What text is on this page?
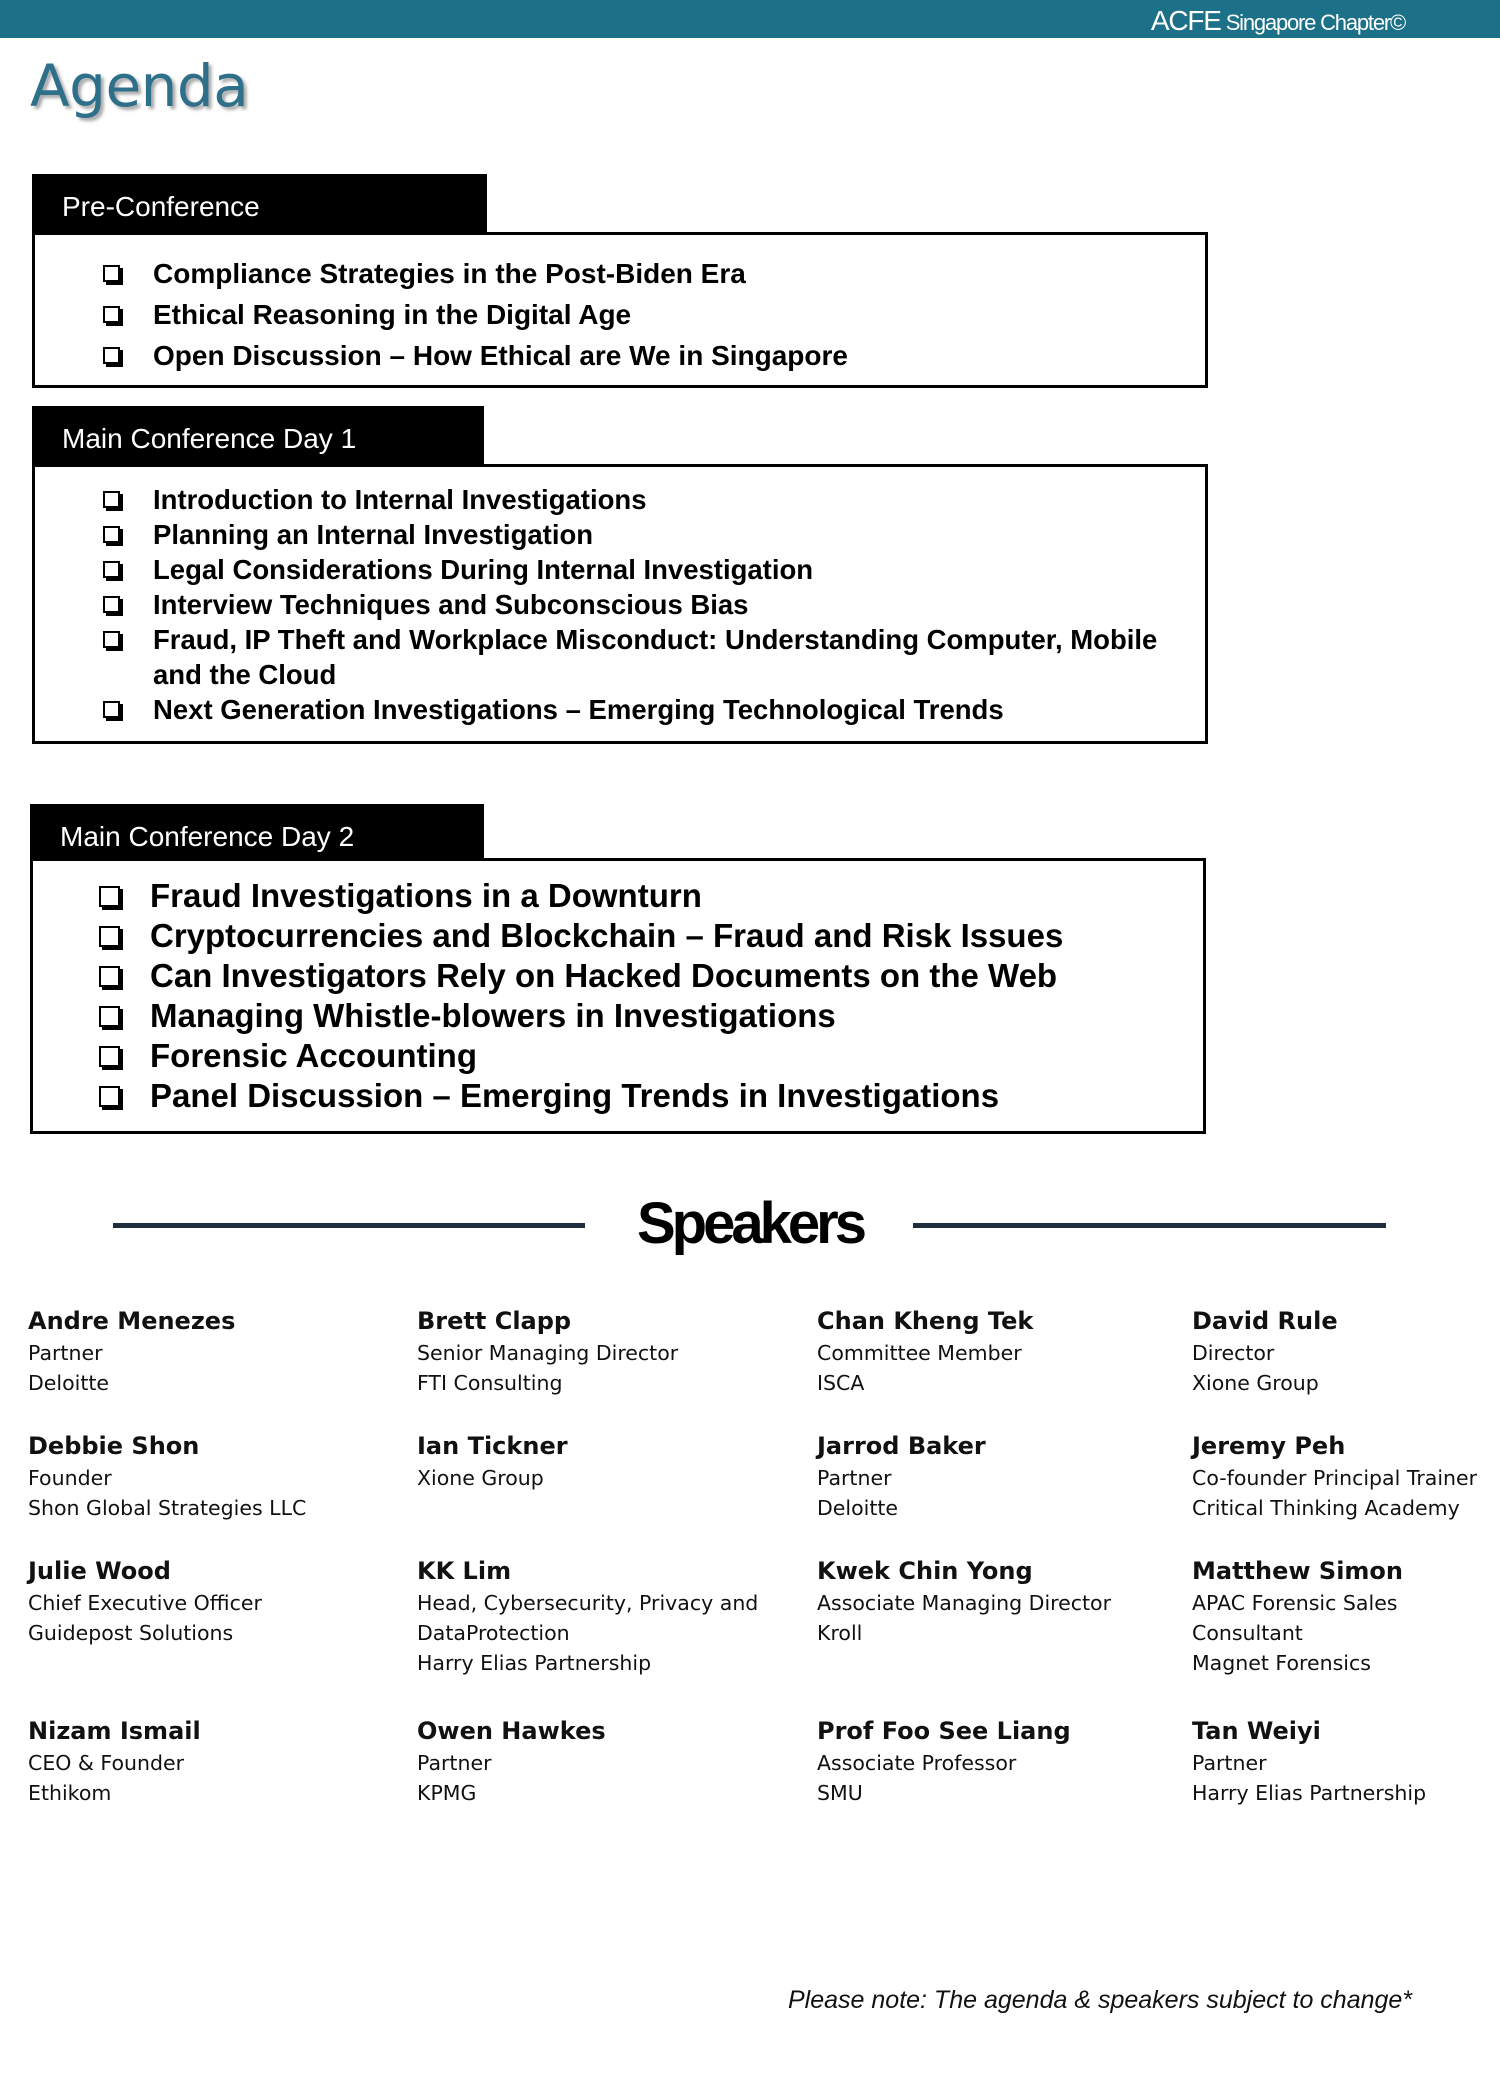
ACFE Singapore Chapter©
Agenda
Pre-Conference
Compliance Strategies in the Post-Biden Era
Ethical Reasoning in the Digital Age
Open Discussion – How Ethical are We in Singapore
Main Conference Day 1
Introduction to Internal Investigations
Planning an Internal Investigation
Legal Considerations During Internal Investigation
Interview Techniques and Subconscious Bias
Fraud, IP Theft and Workplace Misconduct: Understanding Computer, Mobile and the Cloud
Next Generation Investigations – Emerging Technological Trends
Main Conference Day 2
Fraud Investigations in a Downturn
Cryptocurrencies and Blockchain – Fraud and Risk Issues
Can Investigators Rely on Hacked Documents on the Web
Managing Whistle-blowers in Investigations
Forensic Accounting
Panel Discussion – Emerging Trends in Investigations
Speakers
Andre Menezes
Partner
Deloitte
Brett Clapp
Senior Managing Director
FTI Consulting
Chan Kheng Tek
Committee Member
ISCA
David Rule
Director
Xione Group
Debbie Shon
Founder
Shon Global Strategies LLC
Ian Tickner
Xione Group
Jarrod Baker
Partner
Deloitte
Jeremy Peh
Co-founder Principal Trainer
Critical Thinking Academy
Julie Wood
Chief Executive Officer
Guidepost Solutions
KK Lim
Head, Cybersecurity, Privacy and
DataProtection
Harry Elias Partnership
Kwek Chin Yong
Associate Managing Director
Kroll
Matthew Simon
APAC Forensic Sales
Consultant
Magnet Forensics
Nizam Ismail
CEO & Founder
Ethikom
Owen Hawkes
Partner
KPMG
Prof Foo See Liang
Associate Professor
SMU
Tan Weiyi
Partner
Harry Elias Partnership
Please note: The agenda & speakers subject to change*
